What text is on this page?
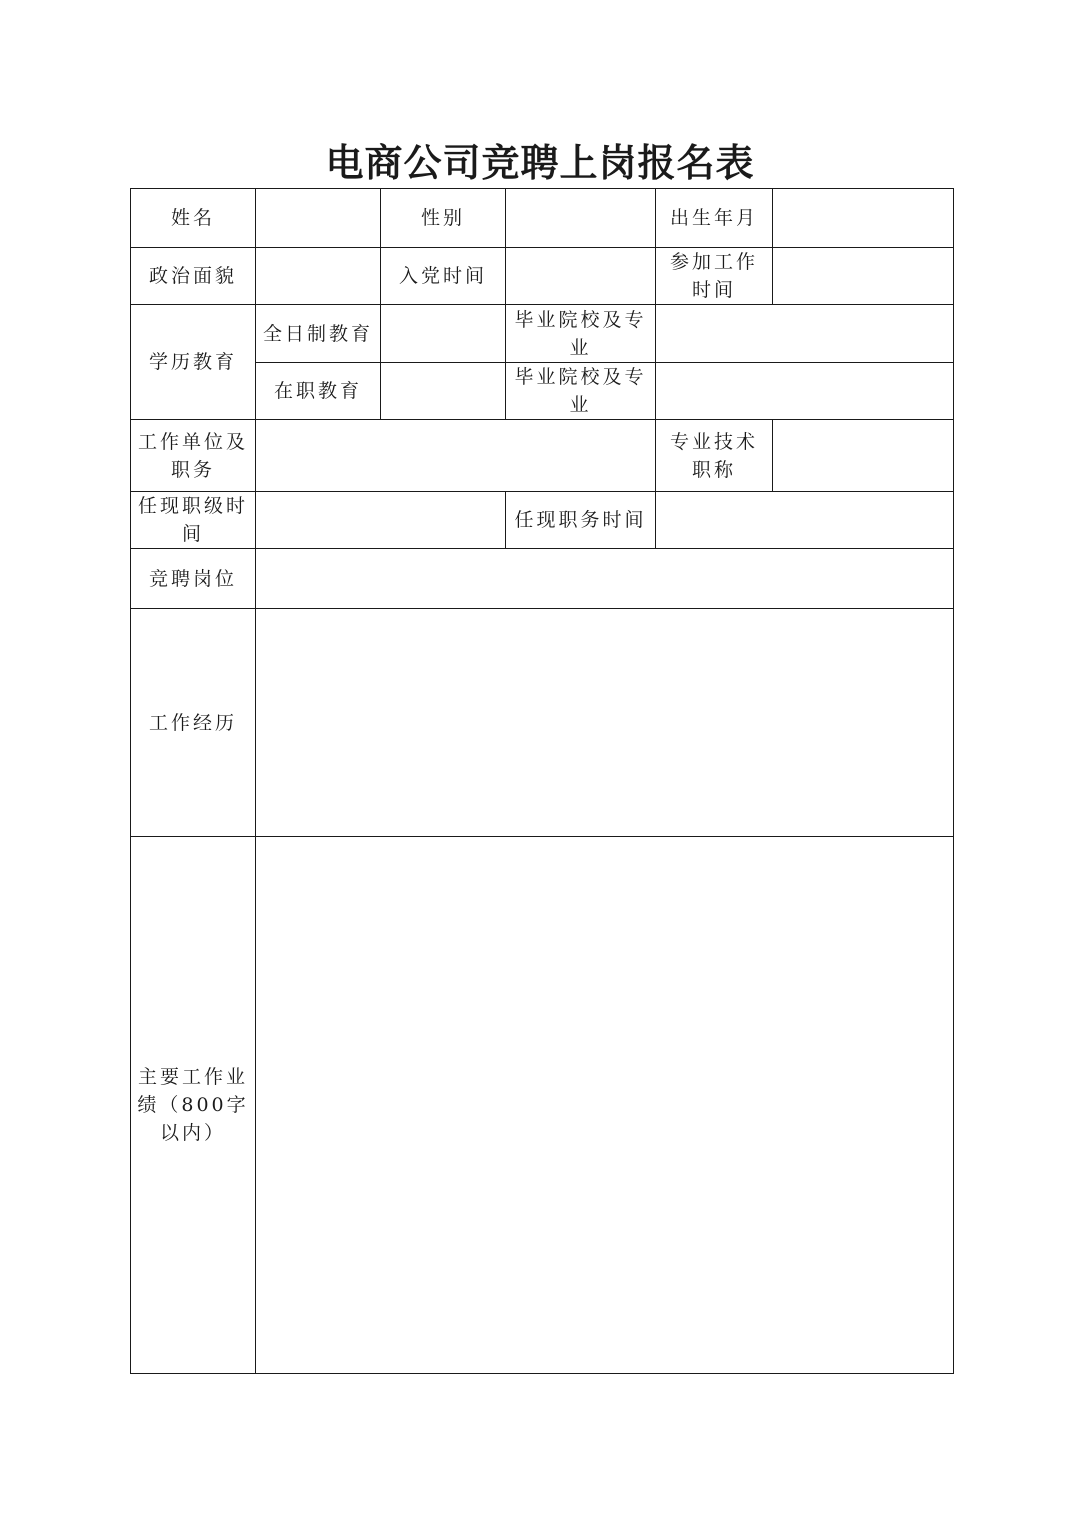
电商公司竞聘上岗报名表
姓名		性别		出生年月	
政治面貌		入党时间		参加工作时间	
学历教育	全日制教育		毕业院校及专业		
	在职教育		毕业院校及专业		
工作单位及职务				专业技术职称	
任现职级时间			任现职务时间		
竞聘岗位					
工作经历					
主要工作业绩（800字以内）					
